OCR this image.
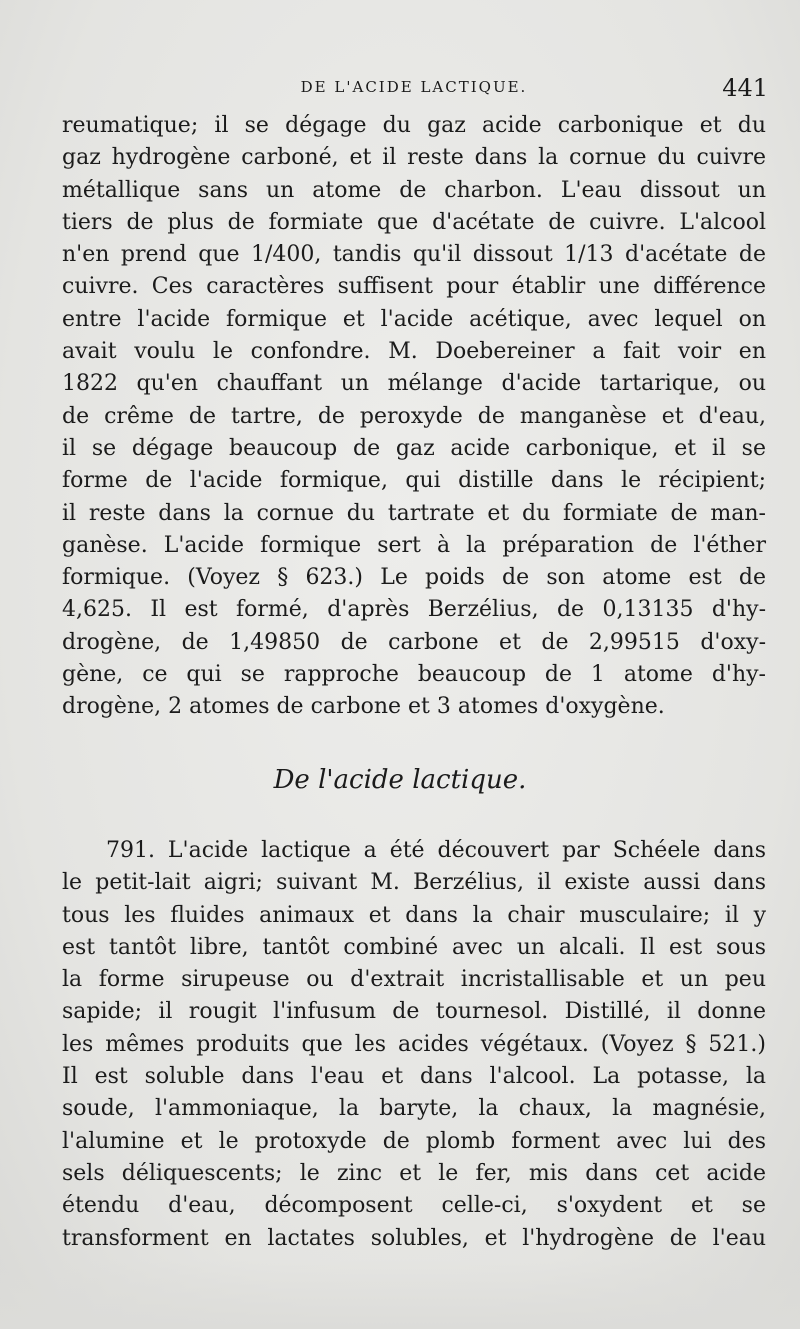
DE L'ACIDE LACTIQUE.	441
reumatique; il se dégage du gaz acide carbonique et du
gaz hydrogène carboné, et il reste dans la cornue du cuivre
métallique sans un atome de charbon. L'eau dissout un
tiers de plus de formiate que d'acétate de cuivre. L'alcool
n'en prend que 1/400, tandis qu'il dissout 1/13 d'acétate de
cuivre. Ces caractères suffisent pour établir une différence
entre l'acide formique et l'acide acétique, avec lequel on
avait voulu le confondre. M. Doebereiner a fait voir en
1822 qu'en chauffant un mélange d'acide tartarique, ou
de crême de tartre, de peroxyde de manganèse et d'eau,
il se dégage beaucoup de gaz acide carbonique, et il se
forme de l'acide formique, qui distille dans le récipient;
il reste dans la cornue du tartrate et du formiate de man-
ganèse. L'acide formique sert à la préparation de l'éther
formique. (Voyez § 623.) Le poids de son atome est de
4,625. Il est formé, d'après Berzélius, de 0,13135 d'hy-
drogène, de 1,49850 de carbone et de 2,99515 d'oxy-
gène, ce qui se rapproche beaucoup de 1 atome d'hy-
drogène, 2 atomes de carbone et 3 atomes d'oxygène.
De l'acide lactique.
791. L'acide lactique a été découvert par Schéele dans
le petit-lait aigri; suivant M. Berzélius, il existe aussi dans
tous les fluides animaux et dans la chair musculaire; il y
est tantôt libre, tantôt combiné avec un alcali. Il est sous
la forme sirupeuse ou d'extrait incristallisable et un peu
sapide; il rougit l'infusum de tournesol. Distillé, il donne
les mêmes produits que les acides végétaux. (Voyez § 521.)
Il est soluble dans l'eau et dans l'alcool. La potasse, la
soude, l'ammoniaque, la baryte, la chaux, la magnésie,
l'alumine et le protoxyde de plomb forment avec lui des
sels déliquescents; le zinc et le fer, mis dans cet acide
étendu d'eau, décomposent celle-ci, s'oxydent et se
transforment en lactates solubles, et l'hydrogène de l'eau
